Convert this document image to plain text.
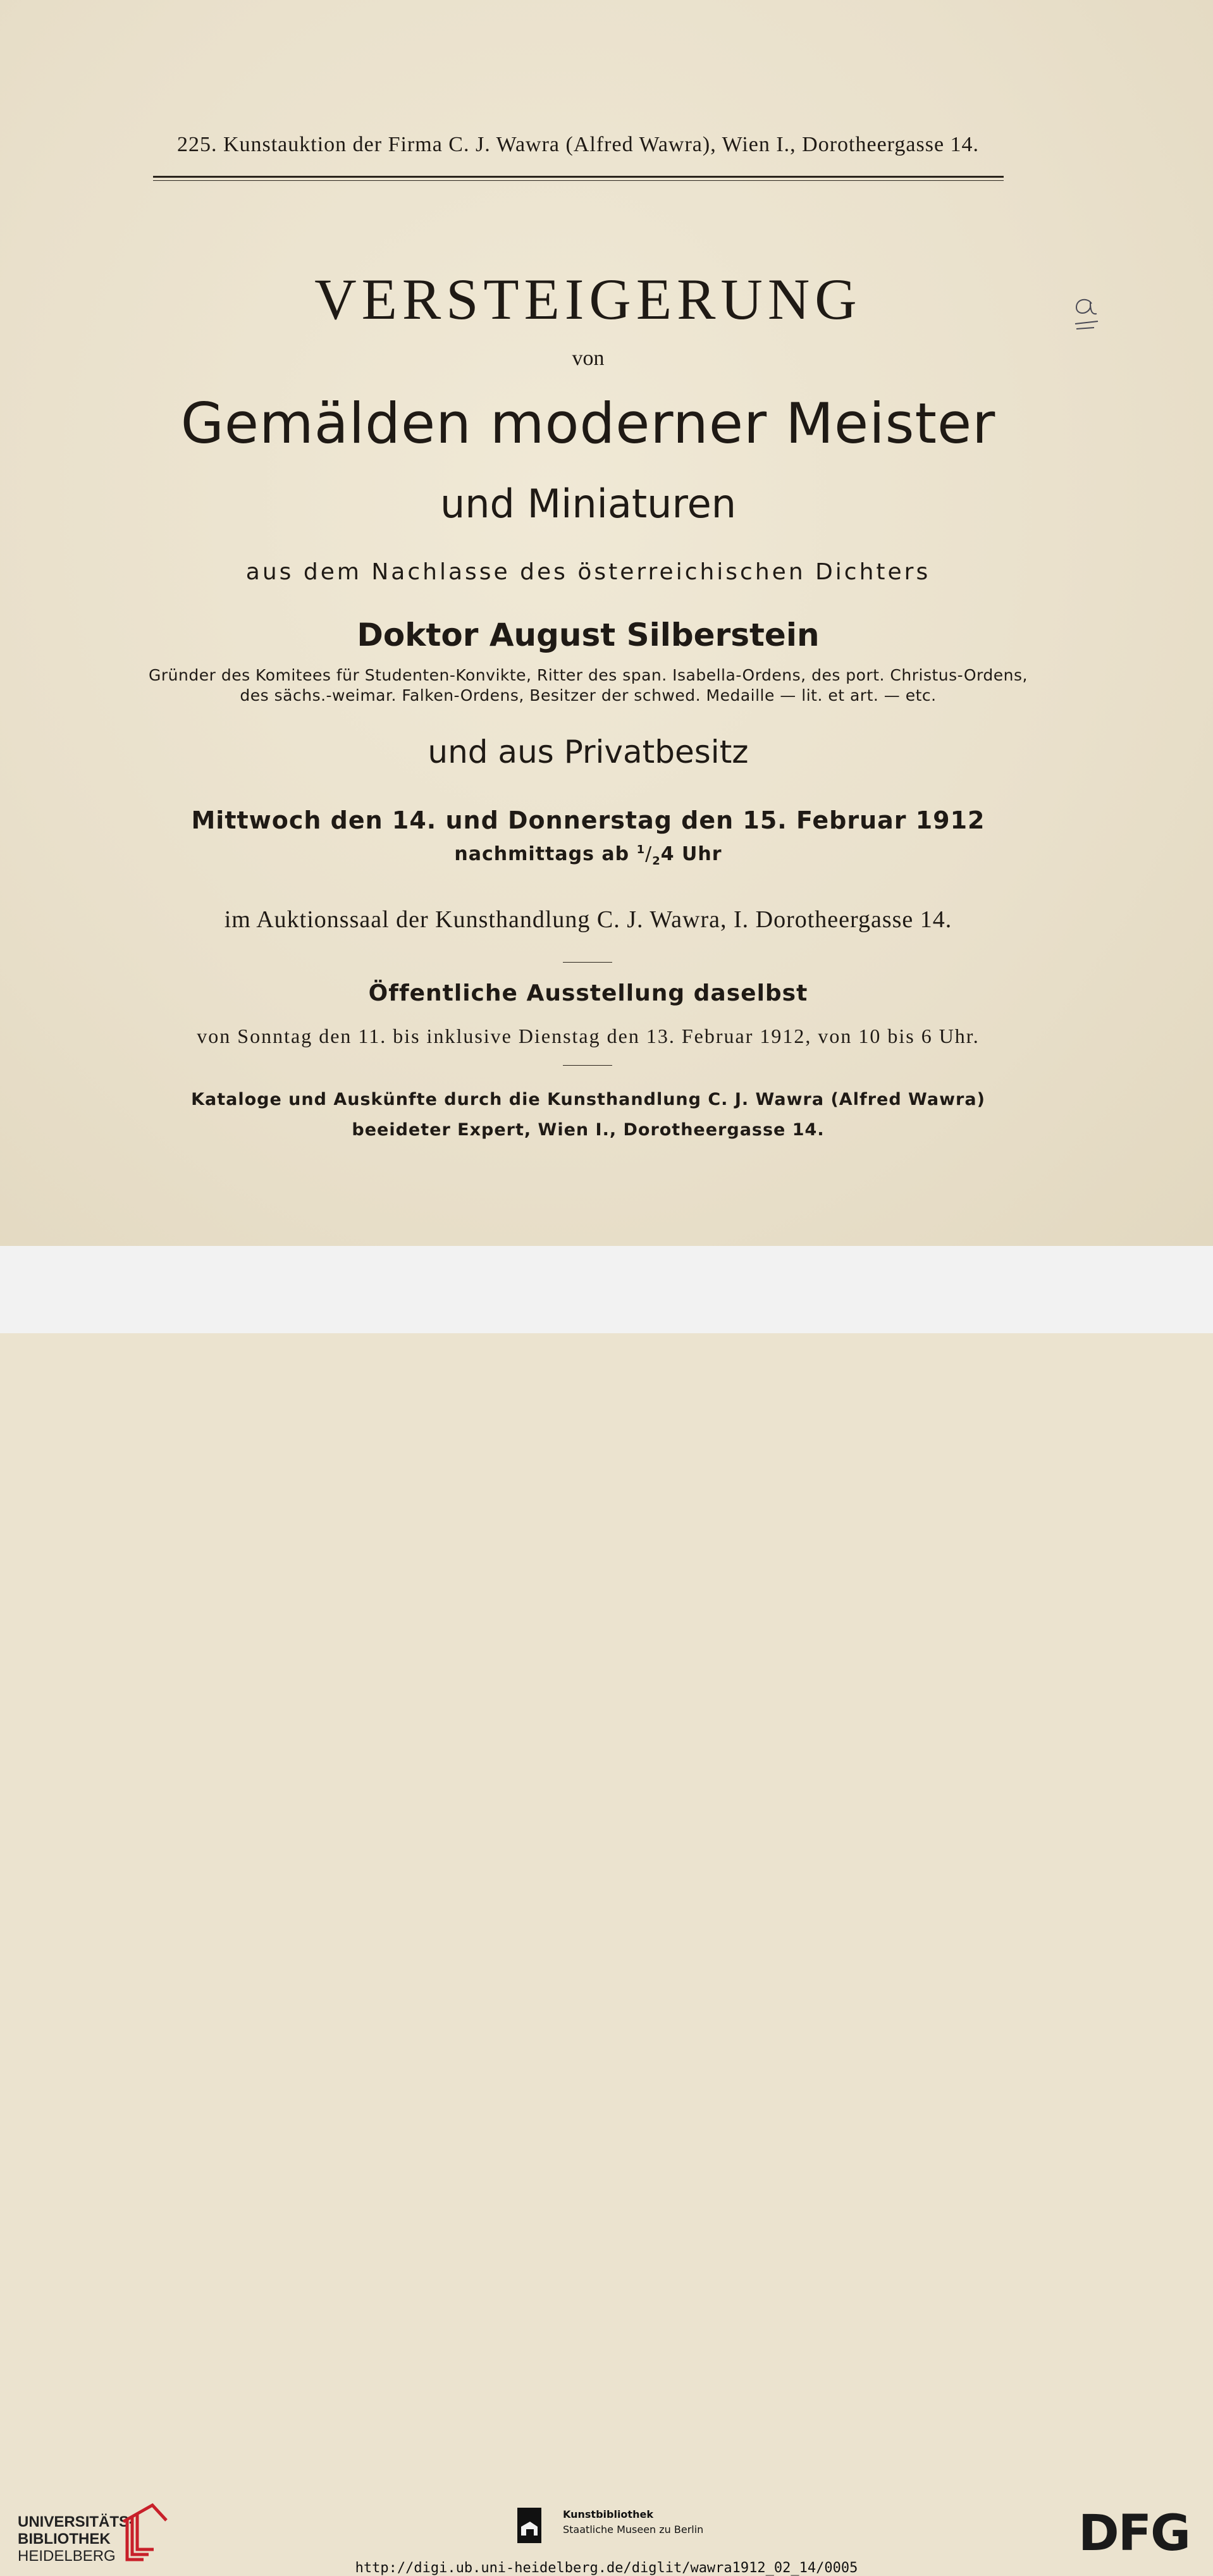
225. Kunstauktion der Firma C. J. Wawra (Alfred Wawra), Wien I., Dorotheergasse 14.
VERSTEIGERUNG
von
Gemälden moderner Meister
und Miniaturen
aus dem Nachlasse des österreichischen Dichters
Doktor August Silberstein
Gründer des Komitees für Studenten-Konvikte, Ritter des span. Isabella-Ordens, des port. Christus-Ordens,
des sächs.-weimar. Falken-Ordens, Besitzer der schwed. Medaille — lit. et art. — etc.
und aus Privatbesitz
Mittwoch den 14. und Donnerstag den 15. Februar 1912
nachmittags ab $^1/_24$ Uhr
im Auktionssaal der Kunsthandlung C. J. Wawra, I. Dorotheergasse 14.
Öffentliche Ausstellung daselbst
von Sonntag den 11. bis inklusive Dienstag den 13. Februar 1912, von 10 bis 6 Uhr.
Kataloge und Auskünfte durch die Kunsthandlung C. J. Wawra (Alfred Wawra)
beeideter Expert, Wien I., Dorotheergasse 14.
UNIVERSITÄTS-
BIBLIOTHEK
HEIDELBERG
Kunstbibliothek
Staatliche Museen zu Berlin	DFG
http://digi.ub.uni-heidelberg.de/diglit/wawra1912_02_14/0005
